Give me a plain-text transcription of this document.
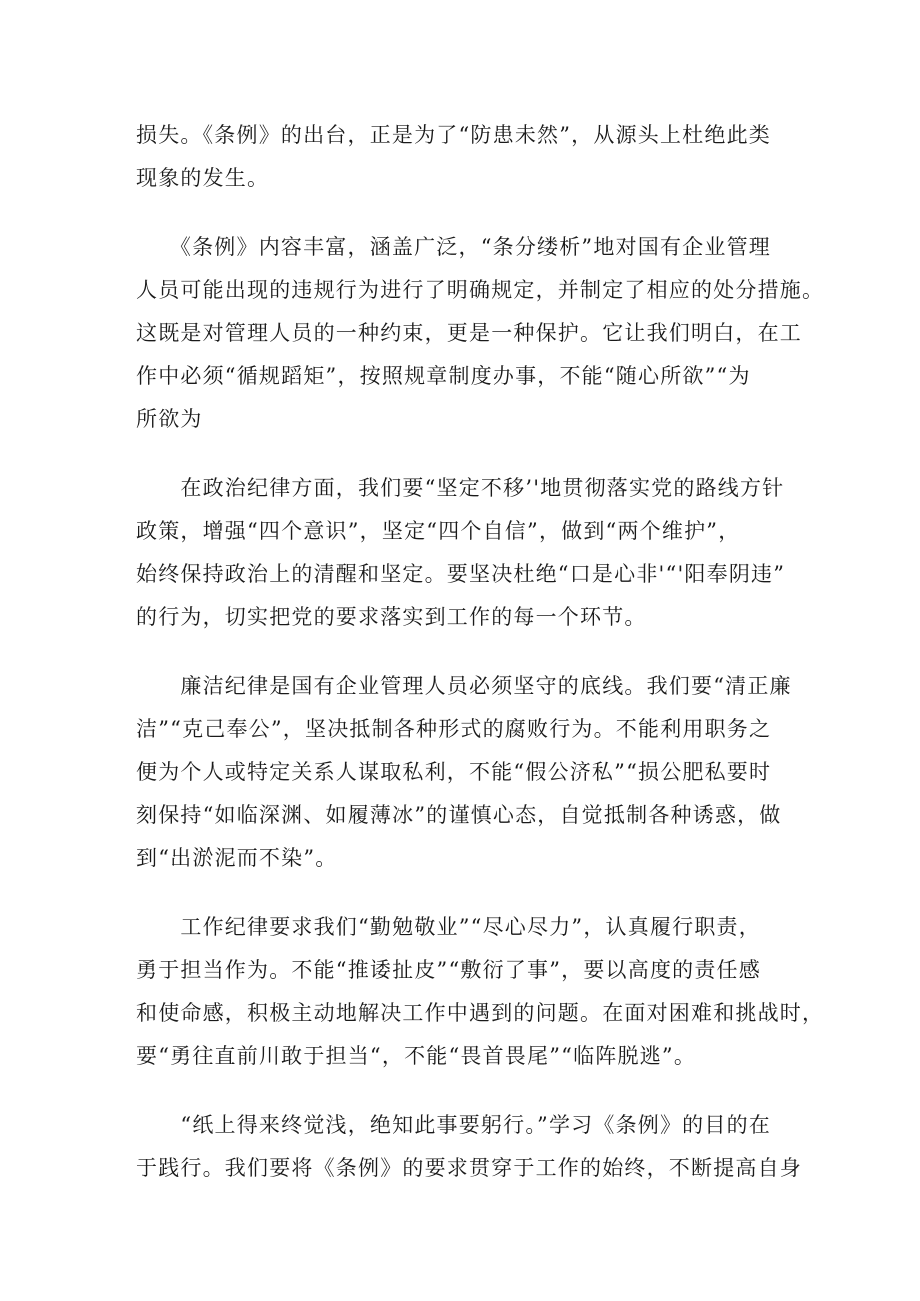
损失。《条例》的出台，正是为了“防患未然”，从源头上杜绝此类
现象的发生。
　　《条例》内容丰富，涵盖广泛，“条分缕析”地对国有企业管理
人员可能出现的违规行为进行了明确规定，并制定了相应的处分措施。
这既是对管理人员的一种约束，更是一种保护。它让我们明白，在工
作中必须“循规蹈矩”，按照规章制度办事，不能“随心所欲”“为
所欲为
　　在政治纪律方面，我们要“坚定不移’'地贯彻落实党的路线方针
政策，增强“四个意识”，坚定“四个自信”，做到“两个维护”，
始终保持政治上的清醒和坚定。要坚决杜绝“口是心非'“'阳奉阴违”
的行为，切实把党的要求落实到工作的每一个环节。
　　廉洁纪律是国有企业管理人员必须坚守的底线。我们要“清正廉
洁”“克己奉公”，坚决抵制各种形式的腐败行为。不能利用职务之
便为个人或特定关系人谋取私利，不能“假公济私”“损公肥私要时
刻保持“如临深渊、如履薄冰”的谨慎心态，自觉抵制各种诱惑，做
到“出淤泥而不染”。
　　工作纪律要求我们“勤勉敬业”“尽心尽力”，认真履行职责，
勇于担当作为。不能“推诿扯皮”“敷衍了事”，要以高度的责任感
和使命感，积极主动地解决工作中遇到的问题。在面对困难和挑战时，
要“勇往直前川敢于担当“，不能“畏首畏尾”“临阵脱逃”。
　　“纸上得来终觉浅，绝知此事要躬行。”学习《条例》的目的在
于践行。我们要将《条例》的要求贯穿于工作的始终，不断提高自身
